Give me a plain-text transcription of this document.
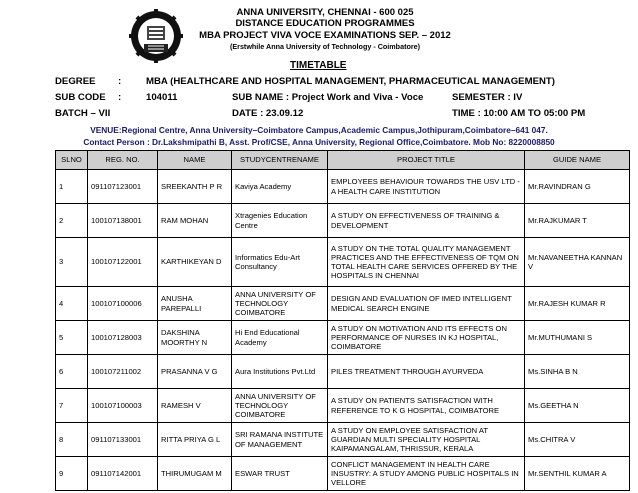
ANNA UNIVERSITY, CHENNAI - 600 025
DISTANCE EDUCATION PROGRAMMES
MBA PROJECT VIVA VOCE EXAMINATIONS SEP. – 2012
(Erstwhile Anna University of Technology - Coimbatore)
TIMETABLE
DEGREE :	MBA (HEALTHCARE AND HOSPITAL MANAGEMENT, PHARMACEUTICAL MANAGEMENT)
SUB CODE :	104011	SUB NAME : Project Work and Viva - Voce	SEMESTER : IV
BATCH – VII	DATE : 23.09.12	TIME : 10:00 AM TO 05:00 PM
VENUE:Regional Centre, Anna University–Coimbatore Campus,Academic Campus,Jothipuram,Coimbatore–641 047.
Contact Person : Dr.Lakshmipathi B, Asst. Prof/CSE, Anna University, Regional Office,Coimbatore. Mob No: 8220008850
SLNO	REG. NO.	NAME	STUDYCENTRENAME	PROJECT TITLE	GUIDE NAME
1	091107123001	SREEKANTH P R	Kaviya Academy	EMPLOYEES BEHAVIOUR TOWARDS THE USV LTD - A HEALTH CARE INSTITUTION	Mr.RAVINDRAN G
2	100107138001	RAM MOHAN	Xtragenies Education Centre	A STUDY ON EFFECTIVENESS OF TRAINING & DEVELOPMENT	Mr.RAJKUMAR T
3	100107122001	KARTHIKEYAN D	Informatics Edu-Art Consultancy	A STUDY ON THE TOTAL QUALITY MANAGEMENT PRACTICES AND THE EFFECTIVENESS OF TQM ON TOTAL HEALTH CARE SERVICES OFFERED BY THE HOSPITALS IN CHENNAI	Mr.NAVANEETHA KANNAN V
4	100107100006	ANUSHA PAREPALLI	ANNA UNIVERSITY OF TECHNOLOGY COIMBATORE	DESIGN AND EVALUATION OF IMED INTELLIGENT MEDICAL SEARCH ENGINE	Mr.RAJESH KUMAR R
5	100107128003	DAKSHINA MOORTHY N	Hi End Educational Academy	A STUDY ON MOTIVATION AND ITS EFFECTS ON PERFORMANCE OF NURSES IN KJ HOSPITAL, COIMBATORE	Mr.MUTHUMANI S
6	100107211002	PRASANNA V G	Aura Institutions Pvt.Ltd	PILES TREATMENT THROUGH AYURVEDA	Ms.SINHA B N
7	100107100003	RAMESH V	ANNA UNIVERSITY OF TECHNOLOGY COIMBATORE	A STUDY ON PATIENTS SATISFACTION WITH REFERENCE TO K G HOSPITAL, COIMBATORE	Ms.GEETHA N
8	091107133001	RITTA PRIYA G L	SRI RAMANA INSTITUTE OF MANAGEMENT	A STUDY ON EMPLOYEE SATISFACTION AT GUARDIAN MULTI SPECIALITY HOSPITAL KAIPAMANGALAM, THRISSUR, KERALA	Ms.CHITRA V
9	091107142001	THIRUMUGAM M	ESWAR TRUST	CONFLICT MANAGEMENT IN HEALTH CARE INSUSTRY: A STUDY AMONG PUBLIC HOSPITALS IN VELLORE	Mr.SENTHIL KUMAR A
